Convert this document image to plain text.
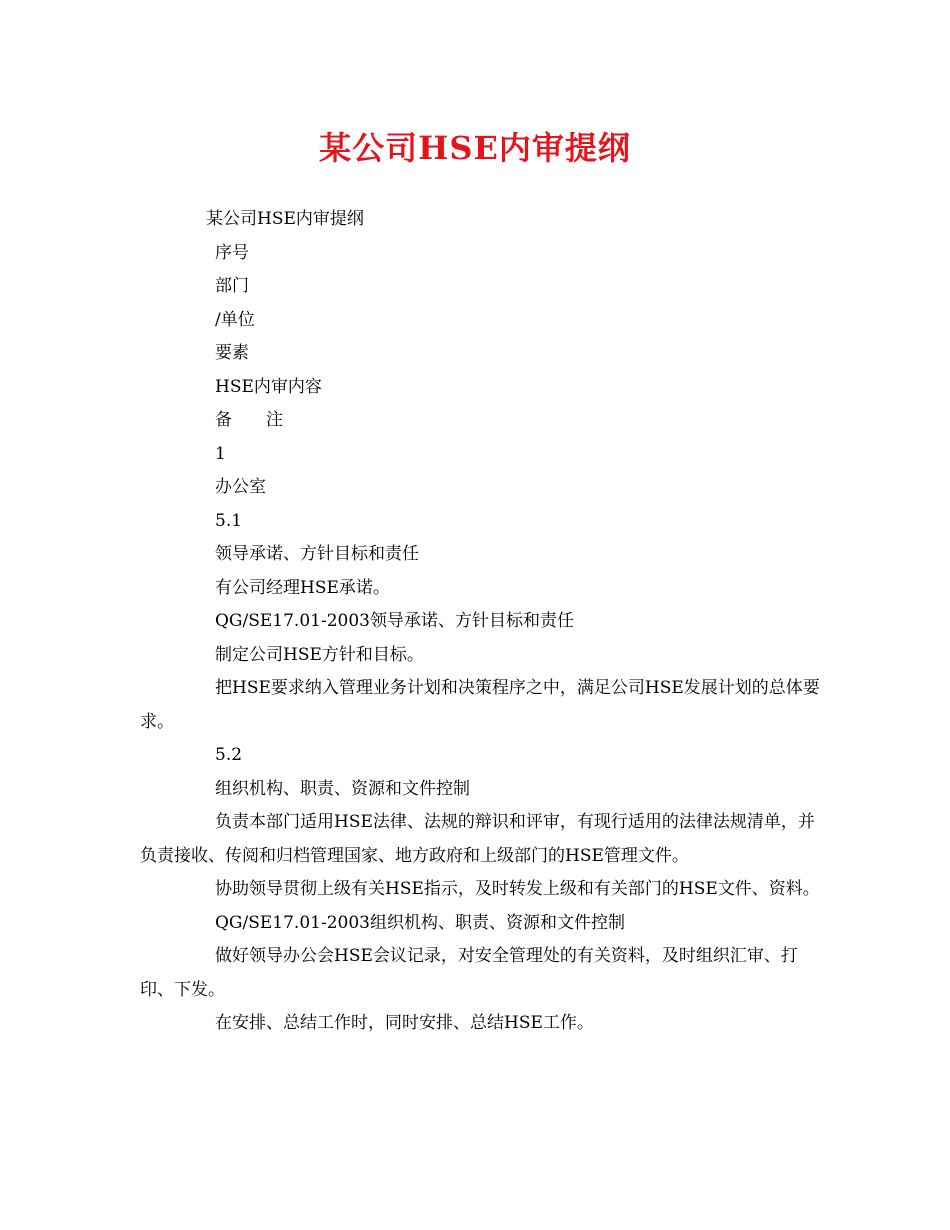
某公司HSE内审提纲

某公司HSE内审提纲

序号

部门

/单位

要素

HSE内审内容

备　　注

1

办公室

5.1

领导承诺、方针目标和责任

有公司经理HSE承诺。

QG/SE17.01-2003领导承诺、方针目标和责任

制定公司HSE方针和目标。

把HSE要求纳入管理业务计划和决策程序之中，满足公司HSE发展计划的总体要求。

5.2

组织机构、职责、资源和文件控制

负责本部门适用HSE法律、法规的辩识和评审，有现行适用的法律法规清单，并负责接收、传阅和归档管理国家、地方政府和上级部门的HSE管理文件。

协助领导贯彻上级有关HSE指示，及时转发上级和有关部门的HSE文件、资料。

QG/SE17.01-2003组织机构、职责、资源和文件控制

做好领导办公会HSE会议记录，对安全管理处的有关资料，及时组织汇审、打印、下发。

在安排、总结工作时，同时安排、总结HSE工作。
